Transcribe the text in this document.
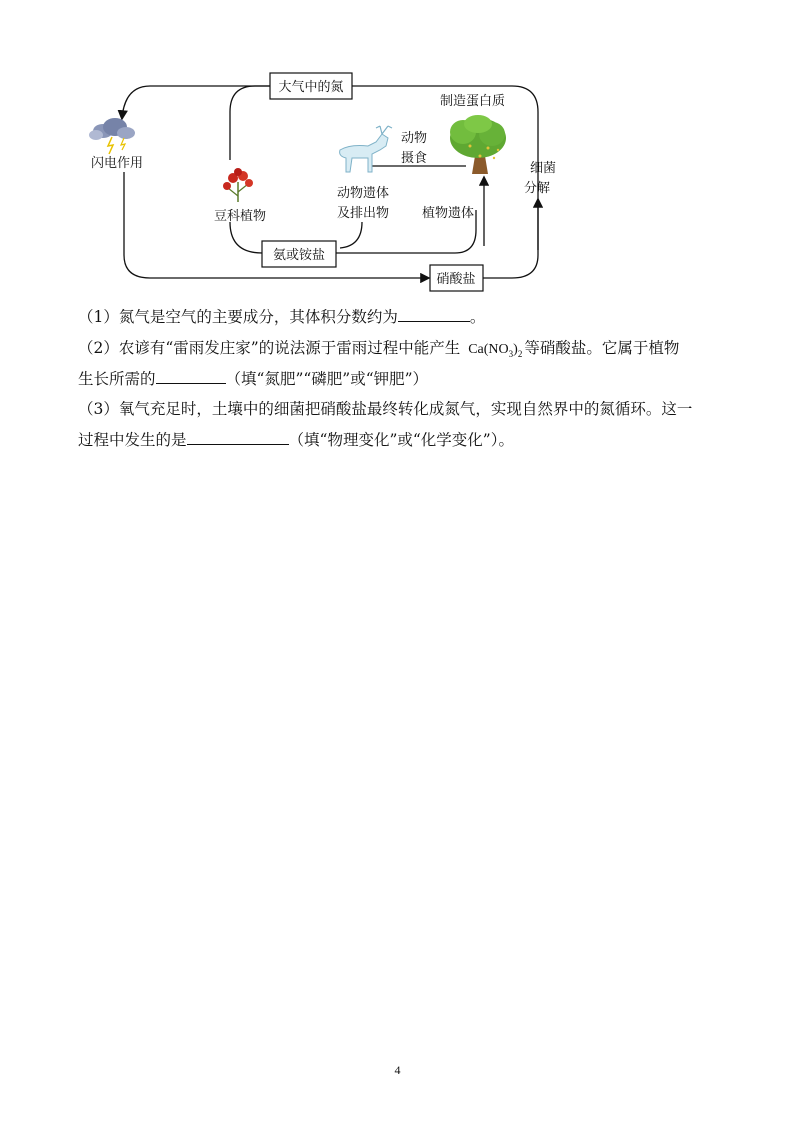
大气中的氮
氨或铵盐
硝酸盐
闪电作用
豆科植物
动物
摄食
制造蛋白质
动物遗体
及排出物	植物遗体
细菌
分解
（1）氮气是空气的主要成分，其体积分数约为	。
（2）农谚有“雷雨发庄家”的说法源于雷雨过程中能产生 $Ca(NO_3)_2$ 等硝酸盐。它属于植物
生长所需的	（填“氮肥”“磷肥”或“钾肥”）
（3）氧气充足时，土壤中的细菌把硝酸盐最终转化成氮气，实现自然界中的氮循环。这一
过程中发生的是	（填“物理变化”或“化学变化”）。
4
